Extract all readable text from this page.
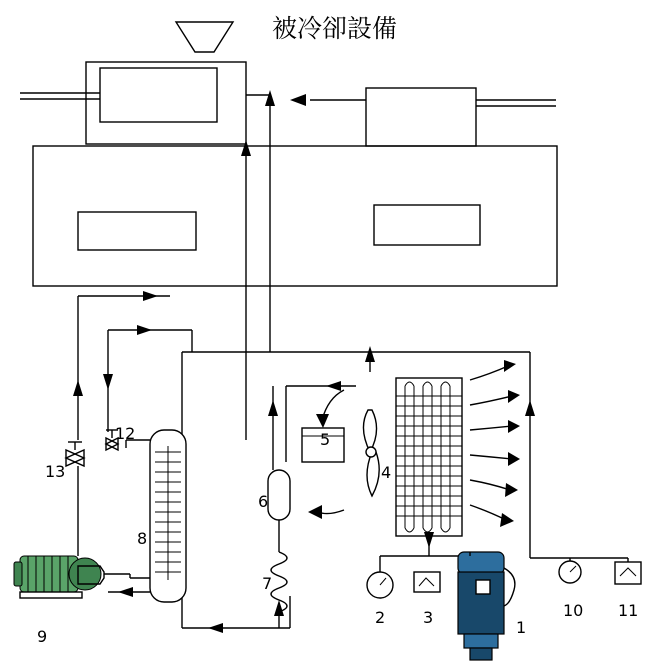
被冷卻設備
1
2 3
4
5
6
7
8
9
10 11
12
13
